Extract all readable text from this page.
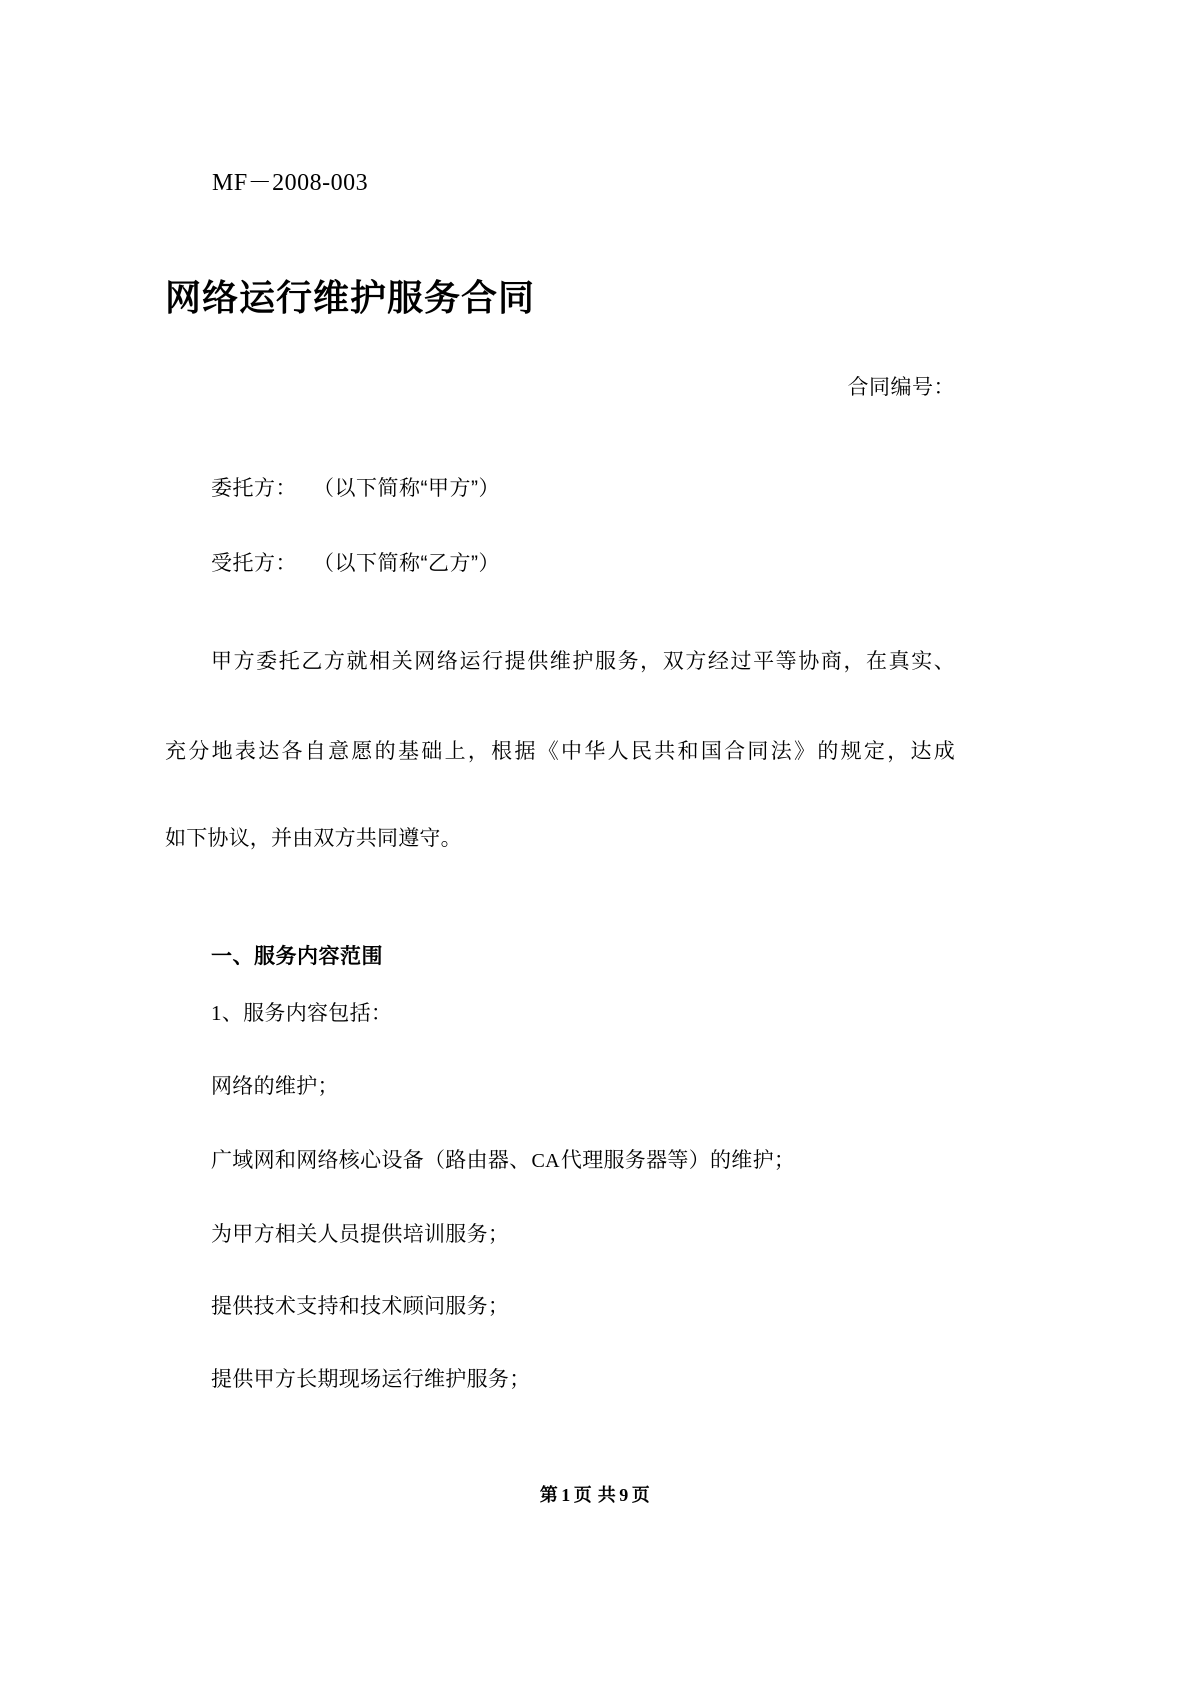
MF－2008-003
网络运行维护服务合同
合同编号：
委托方： （以下简称“甲方”）
受托方： （以下简称“乙方”）
甲方委托乙方就相关网络运行提供维护服务，双方经过平等协商，在真实、
充分地表达各自意愿的基础上，根据《中华人民共和国合同法》的规定，达成
如下协议，并由双方共同遵守。
一、服务内容范围
1、服务内容包括：
网络的维护；
广域网和网络核心设备（路由器、CA代理服务器等）的维护；
为甲方相关人员提供培训服务；
提供技术支持和技术顾问服务；
提供甲方长期现场运行维护服务；
第 1 页 共 9 页
